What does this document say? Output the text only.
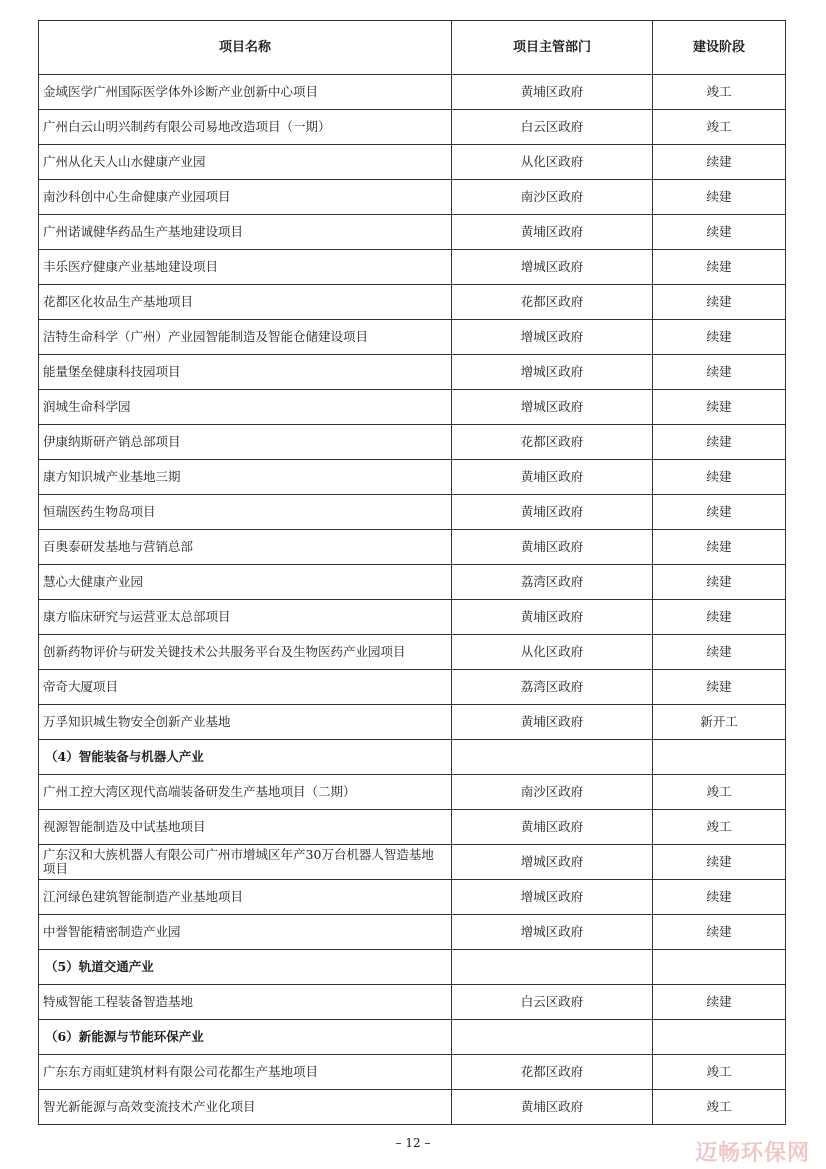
项目名称	项目主管部门	建设阶段
金域医学广州国际医学体外诊断产业创新中心项目	黄埔区政府	竣工
广州白云山明兴制药有限公司易地改造项目（一期）	白云区政府	竣工
广州从化天人山水健康产业园	从化区政府	续建
南沙科创中心生命健康产业园项目	南沙区政府	续建
广州诺诚健华药品生产基地建设项目	黄埔区政府	续建
丰乐医疗健康产业基地建设项目	增城区政府	续建
花都区化妆品生产基地项目	花都区政府	续建
洁特生命科学（广州）产业园智能制造及智能仓储建设项目	增城区政府	续建
能量堡垒健康科技园项目	增城区政府	续建
润城生命科学园	增城区政府	续建
伊康纳斯研产销总部项目	花都区政府	续建
康方知识城产业基地三期	黄埔区政府	续建
恒瑞医药生物岛项目	黄埔区政府	续建
百奥泰研发基地与营销总部	黄埔区政府	续建
慧心大健康产业园	荔湾区政府	续建
康方临床研究与运营亚太总部项目	黄埔区政府	续建
创新药物评价与研发关键技术公共服务平台及生物医药产业园项目	从化区政府	续建
帝奇大厦项目	荔湾区政府	续建
万孚知识城生物安全创新产业基地	黄埔区政府	新开工
（4）智能装备与机器人产业		
广州工控大湾区现代高端装备研发生产基地项目（二期）	南沙区政府	竣工
视源智能制造及中试基地项目	黄埔区政府	竣工
广东汉和大族机器人有限公司广州市增城区年产30万台机器人智造基地项目	增城区政府	续建
江河绿色建筑智能制造产业基地项目	增城区政府	续建
中誉智能精密制造产业园	增城区政府	续建
（5）轨道交通产业		
特威智能工程装备智造基地	白云区政府	续建
（6）新能源与节能环保产业		
广东东方雨虹建筑材料有限公司花都生产基地项目	花都区政府	竣工
智光新能源与高效变流技术产业化项目	黄埔区政府	竣工
– 12 –	迈畅环保网
